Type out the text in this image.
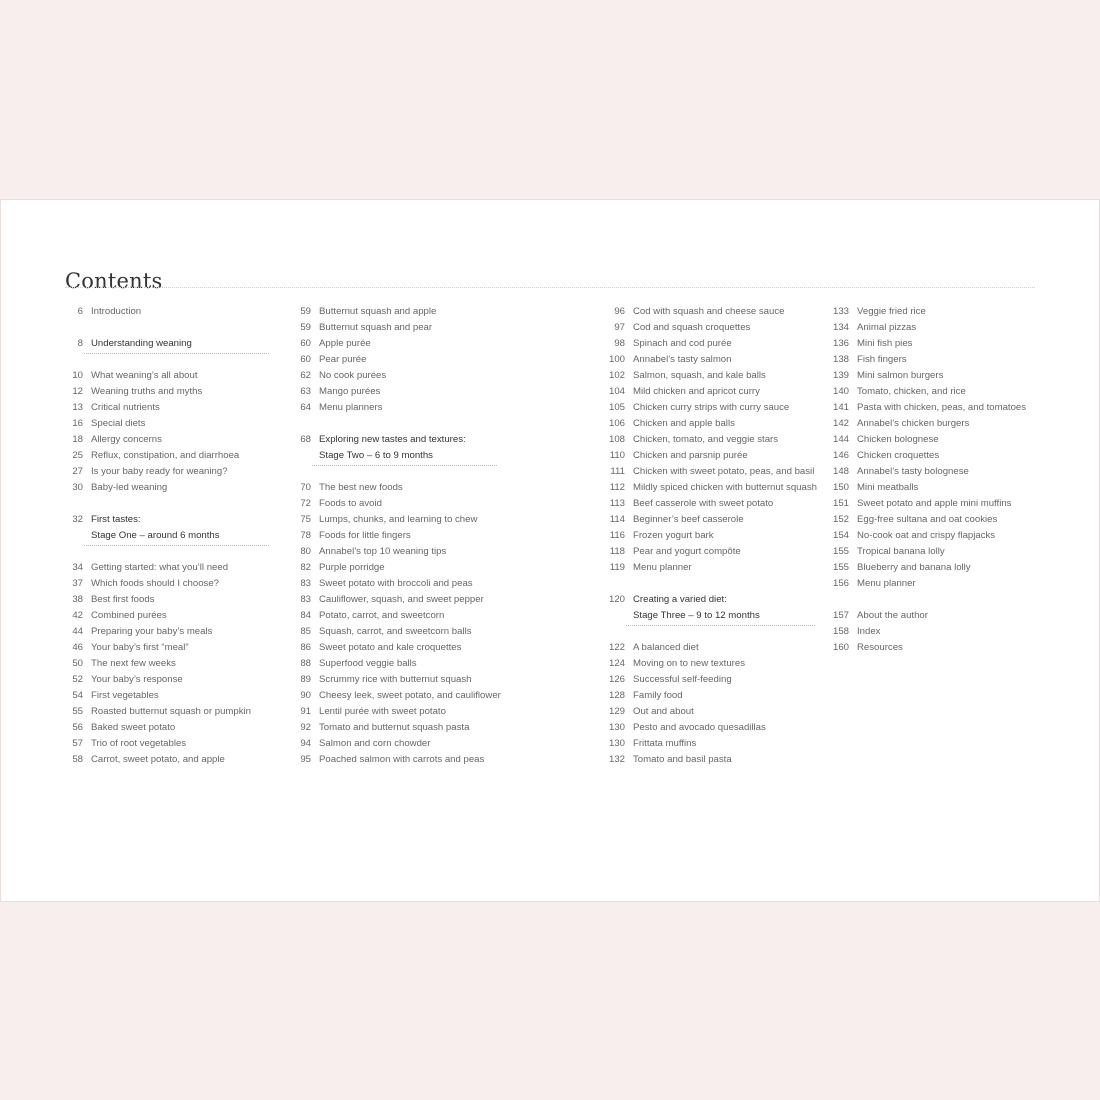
Contents
6 Introduction
8 Understanding weaning
10 What weaning’s all about
12 Weaning truths and myths
13 Critical nutrients
16 Special diets
18 Allergy concerns
25 Reflux, constipation, and diarrhoea
27 Is your baby ready for weaning?
30 Baby-led weaning
32 First tastes:
Stage One – around 6 months
34 Getting started: what you’ll need
37 Which foods should I choose?
38 Best first foods
42 Combined purées
44 Preparing your baby’s meals
46 Your baby’s first “meal”
50 The next few weeks
52 Your baby’s response
54 First vegetables
55 Roasted butternut squash or pumpkin
56 Baked sweet potato
57 Trio of root vegetables
58 Carrot, sweet potato, and apple
59 Butternut squash and apple
59 Butternut squash and pear
60 Apple purée
60 Pear purée
62 No cook purées
63 Mango purées
64 Menu planners
68 Exploring new tastes and textures:
Stage Two – 6 to 9 months
70 The best new foods
72 Foods to avoid
75 Lumps, chunks, and learning to chew
78 Foods for little fingers
80 Annabel’s top 10 weaning tips
82 Purple porridge
83 Sweet potato with broccoli and peas
83 Cauliflower, squash, and sweet pepper
84 Potato, carrot, and sweetcorn
85 Squash, carrot, and sweetcorn balls
86 Sweet potato and kale croquettes
88 Superfood veggie balls
89 Scrummy rice with butternut squash
90 Cheesy leek, sweet potato, and cauliflower
91 Lentil purée with sweet potato
92 Tomato and butternut squash pasta
94 Salmon and corn chowder
95 Poached salmon with carrots and peas
96 Cod with squash and cheese sauce
97 Cod and squash croquettes
98 Spinach and cod purée
100 Annabel’s tasty salmon
102 Salmon, squash, and kale balls
104 Mild chicken and apricot curry
105 Chicken curry strips with curry sauce
106 Chicken and apple balls
108 Chicken, tomato, and veggie stars
110 Chicken and parsnip purée
111 Chicken with sweet potato, peas, and basil
112 Mildly spiced chicken with butternut squash
113 Beef casserole with sweet potato
114 Beginner’s beef casserole
116 Frozen yogurt bark
118 Pear and yogurt compôte
119 Menu planner
120 Creating a varied diet:
Stage Three – 9 to 12 months
122 A balanced diet
124 Moving on to new textures
126 Successful self-feeding
128 Family food
129 Out and about
130 Pesto and avocado quesadillas
130 Frittata muffins
132 Tomato and basil pasta
133 Veggie fried rice
134 Animal pizzas
136 Mini fish pies
138 Fish fingers
139 Mini salmon burgers
140 Tomato, chicken, and rice
141 Pasta with chicken, peas, and tomatoes
142 Annabel’s chicken burgers
144 Chicken bolognese
146 Chicken croquettes
148 Annabel’s tasty bolognese
150 Mini meatballs
151 Sweet potato and apple mini muffins
152 Egg-free sultana and oat cookies
154 No-cook oat and crispy flapjacks
155 Tropical banana lolly
155 Blueberry and banana lolly
156 Menu planner
157 About the author
158 Index
160 Resources
